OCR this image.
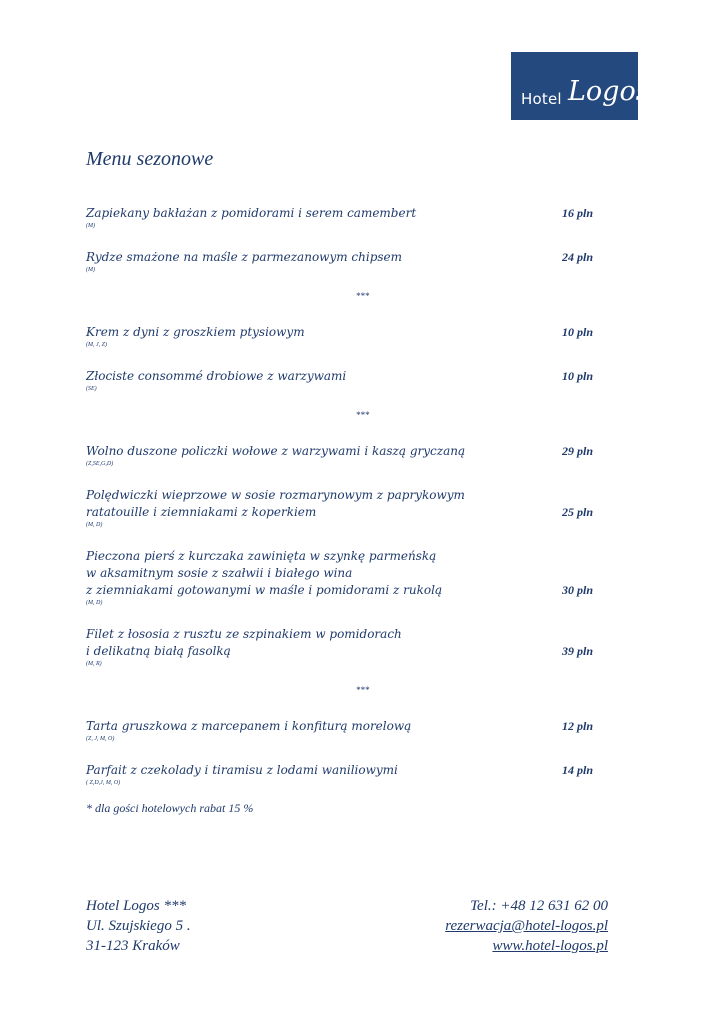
Hotel Logos
Menu sezonowe
Zapiekany bakłażan z pomidorami i serem camembert	16 pln
(M)
Rydze smażone na maśle z parmezanowym chipsem	24 pln
(M)
***
Krem z dyni z groszkiem ptysiowym	10 pln
(M, J, Z)
Złociste consommé drobiowe z warzywami	10 pln
(SE)
***
Wolno duszone policzki wołowe z warzywami i kaszą gryczaną	29 pln
(Z,SE,G,D)
Polędwiczki wieprzowe w sosie rozmarynowym z paprykowym
ratatouille i ziemniakami z koperkiem	25 pln
(M, D)
Pieczona pierś z kurczaka zawinięta w szynkę parmeńską
w aksamitnym sosie z szałwii i białego wina
z ziemniakami gotowanymi w maśle i pomidorami z rukolą	30 pln
(M, D)
Filet z łososia z rusztu ze szpinakiem w pomidorach
i delikatną białą fasolką	39 pln
(M, R)
***
Tarta gruszkowa z marcepanem i konfiturą morelową	12 pln
(Z, J, M, O)
Parfait z czekolady i tiramisu z lodami waniliowymi	14 pln
( Z,D,J, M, O)
* dla gości hotelowych rabat 15 %
Hotel Logos ***
Ul. Szujskiego 5 .
31-123 Kraków
Tel.: +48 12 631 62 00
rezerwacja@hotel-logos.pl
www.hotel-logos.pl
